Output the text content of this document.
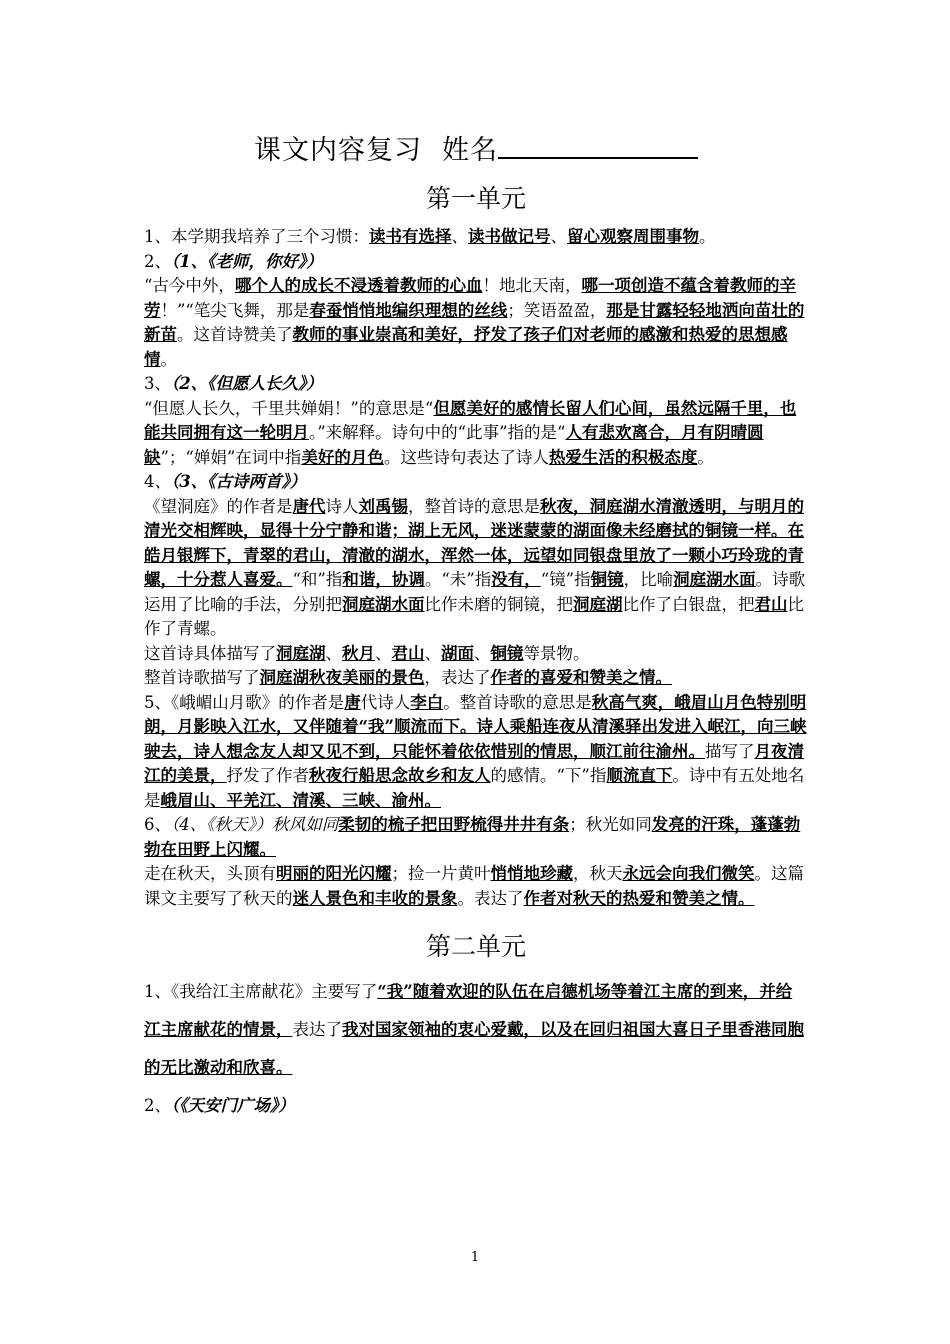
课文内容复习 姓名
第一单元

1、本学期我培养了三个习惯：读书有选择、读书做记号、留心观察周围事物。

2、（1、《老师，你好》）

“古今中外，哪个人的成长不浸透着教师的心血！地北天南，哪一项创造不蕴含着教师的辛劳！”“笔尖飞舞，那是春蚕悄悄地编织理想的丝线；笑语盈盈，那是甘露轻轻地洒向苗壮的新苗。这首诗赞美了教师的事业崇高和美好，抒发了孩子们对老师的感激和热爱的思想感情。

3、（2、《但愿人长久》）

“但愿人长久，千里共婵娟！”的意思是“但愿美好的感情长留人们心间，虽然远隔千里，也能共同拥有这一轮明月。”来解释。诗句中的“此事”指的是“人有悲欢离合，月有阴晴圆缺”；“婵娟”在词中指美好的月色。这些诗句表达了诗人热爱生活的积极态度。

4、（3、《古诗两首》）

《望洞庭》的作者是唐代诗人刘禹锡，整首诗的意思是秋夜，洞庭湖水清澈透明，与明月的清光交相辉映，显得十分宁静和谐；湖上无风，迷迷蒙蒙的湖面像未经磨拭的铜镜一样。在皓月银辉下，青翠的君山，清澈的湖水，浑然一体，远望如同银盘里放了一颗小巧玲珑的青螺，十分惹人喜爱。“和”指和谐，协调。“未”指没有，“镜”指铜镜，比喻洞庭湖水面。诗歌运用了比喻的手法，分别把洞庭湖水面比作未磨的铜镜，把洞庭湖比作了白银盘，把君山比作了青螺。

这首诗具体描写了洞庭湖、秋月、君山、湖面、铜镜等景物。

整首诗歌描写了洞庭湖秋夜美丽的景色，表达了作者的喜爱和赞美之情。

5、《峨嵋山月歌》的作者是唐代诗人李白。整首诗歌的意思是秋高气爽，峨眉山月色特别明朗，月影映入江水，又伴随着“我”顺流而下。诗人乘船连夜从清溪驿出发进入岷江，向三峡驶去，诗人想念友人却又见不到，只能怀着依依惜别的情思，顺江前往渝州。描写了月夜清江的美景，抒发了作者秋夜行船思念故乡和友人的感情。“下”指顺流直下。诗中有五处地名是峨眉山、平羌江、清溪、三峡、渝州。

6、（4、《秋天》）秋风如同柔韧的梳子把田野梳得井井有条；秋光如同发亮的汗珠，蓬蓬勃勃在田野上闪耀。

走在秋天，头顶有明丽的阳光闪耀；捡一片黄叶悄悄地珍藏，秋天永远会向我们微笑。这篇课文主要写了秋天的迷人景色和丰收的景象。表达了作者对秋天的热爱和赞美之情。

第二单元

1、《我给江主席献花》主要写了“我”随着欢迎的队伍在启德机场等着江主席的到来，并给江主席献花的情景，表达了我对国家领袖的衷心爱戴，以及在回归祖国大喜日子里香港同胞的无比激动和欣喜。

2、（《天安门广场》）

1
